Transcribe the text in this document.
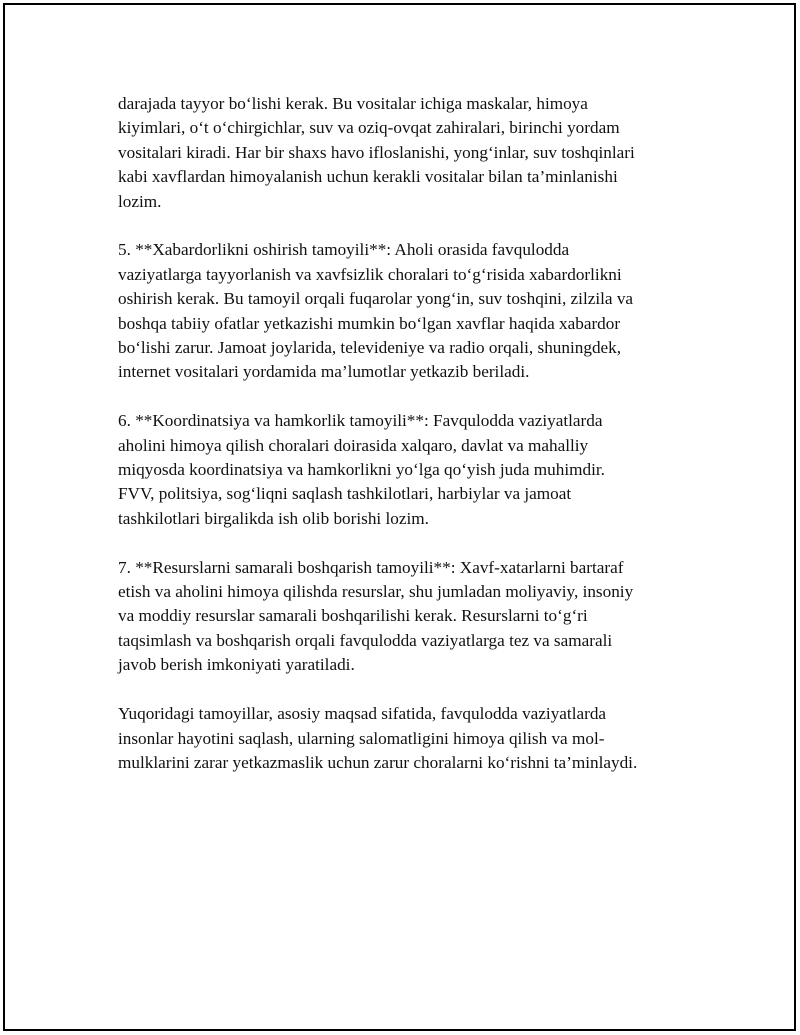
darajada tayyor bo‘lishi kerak. Bu vositalar ichiga maskalar, himoya
kiyimlari, o‘t o‘chirgichlar, suv va oziq-ovqat zahiralari, birinchi yordam
vositalari kiradi. Har bir shaxs havo ifloslanishi, yong‘inlar, suv toshqinlari
kabi xavflardan himoyalanish uchun kerakli vositalar bilan ta’minlanishi
lozim.
5. **Xabardorlikni oshirish tamoyili**: Aholi orasida favqulodda
vaziyatlarga tayyorlanish va xavfsizlik choralari to‘g‘risida xabardorlikni
oshirish kerak. Bu tamoyil orqali fuqarolar yong‘in, suv toshqini, zilzila va
boshqa tabiiy ofatlar yetkazishi mumkin bo‘lgan xavflar haqida xabardor
bo‘lishi zarur. Jamoat joylarida, televideniye va radio orqali, shuningdek,
internet vositalari yordamida ma’lumotlar yetkazib beriladi.
6. **Koordinatsiya va hamkorlik tamoyili**: Favqulodda vaziyatlarda
aholini himoya qilish choralari doirasida xalqaro, davlat va mahalliy
miqyosda koordinatsiya va hamkorlikni yo‘lga qo‘yish juda muhimdir.
FVV, politsiya, sog‘liqni saqlash tashkilotlari, harbiylar va jamoat
tashkilotlari birgalikda ish olib borishi lozim.
7. **Resurslarni samarali boshqarish tamoyili**: Xavf-xatarlarni bartaraf
etish va aholini himoya qilishda resurslar, shu jumladan moliyaviy, insoniy
va moddiy resurslar samarali boshqarilishi kerak. Resurslarni to‘g‘ri
taqsimlash va boshqarish orqali favqulodda vaziyatlarga tez va samarali
javob berish imkoniyati yaratiladi.
Yuqoridagi tamoyillar, asosiy maqsad sifatida, favqulodda vaziyatlarda
insonlar hayotini saqlash, ularning salomatligini himoya qilish va mol-
mulklarini zarar yetkazmaslik uchun zarur choralarni ko‘rishni ta’minlaydi.
